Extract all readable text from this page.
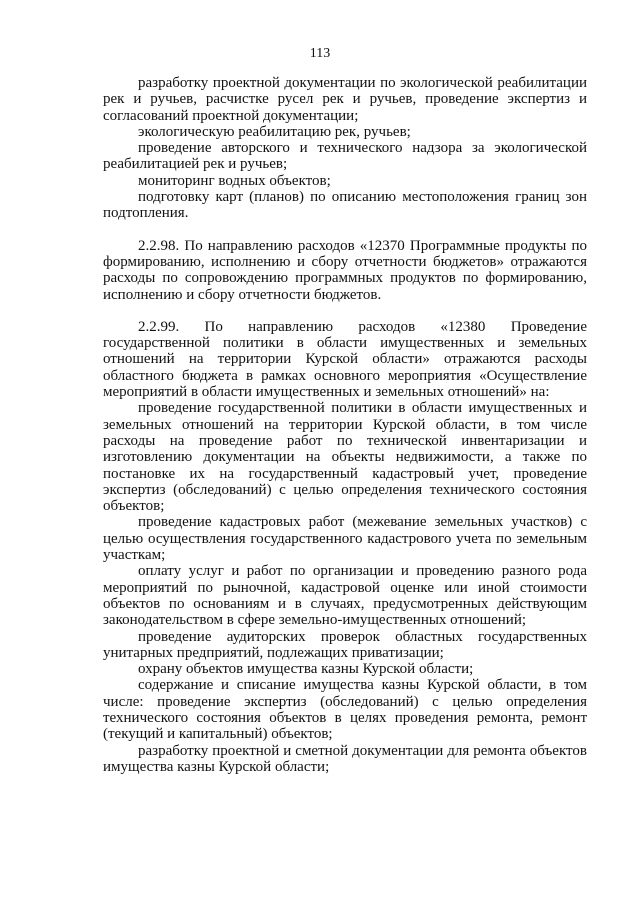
113

разработку проектной документации по экологической реабилитации рек и ручьев, расчистке русел рек и ручьев, проведение экспертиз и согласований проектной документации;

экологическую реабилитацию рек, ручьев;

проведение авторского и технического надзора за экологической реабилитацией рек и ручьев;

мониторинг водных объектов;

подготовку карт (планов) по описанию местоположения границ зон подтопления.

2.2.98. По направлению расходов «12370 Программные продукты по формированию, исполнению и сбору отчетности бюджетов» отражаются расходы по сопровождению программных продуктов по формированию, исполнению и сбору отчетности бюджетов.

2.2.99. По направлению расходов «12380 Проведение государственной политики в области имущественных и земельных отношений на территории Курской области» отражаются расходы областного бюджета в рамках основного мероприятия «Осуществление мероприятий в области имущественных и земельных отношений» на:

проведение государственной политики в области имущественных и земельных отношений на территории Курской области, в том числе расходы на проведение работ по технической инвентаризации и изготовлению документации на объекты недвижимости, а также по постановке их на государственный кадастровый учет, проведение экспертиз (обследований) с целью определения технического состояния объектов;

проведение кадастровых работ (межевание земельных участков) с целью осуществления государственного кадастрового учета по земельным участкам;

оплату услуг и работ по организации и проведению разного рода мероприятий по рыночной, кадастровой оценке или иной стоимости объектов по основаниям и в случаях, предусмотренных действующим законодательством в сфере земельно-имущественных отношений;

проведение аудиторских проверок областных государственных унитарных предприятий, подлежащих приватизации;

охрану объектов имущества казны Курской области;

содержание и списание имущества казны Курской области, в том числе: проведение экспертиз (обследований) с целью определения технического состояния объектов в целях проведения ремонта, ремонт (текущий и капитальный) объектов;

разработку проектной и сметной документации для ремонта объектов имущества казны Курской области;
